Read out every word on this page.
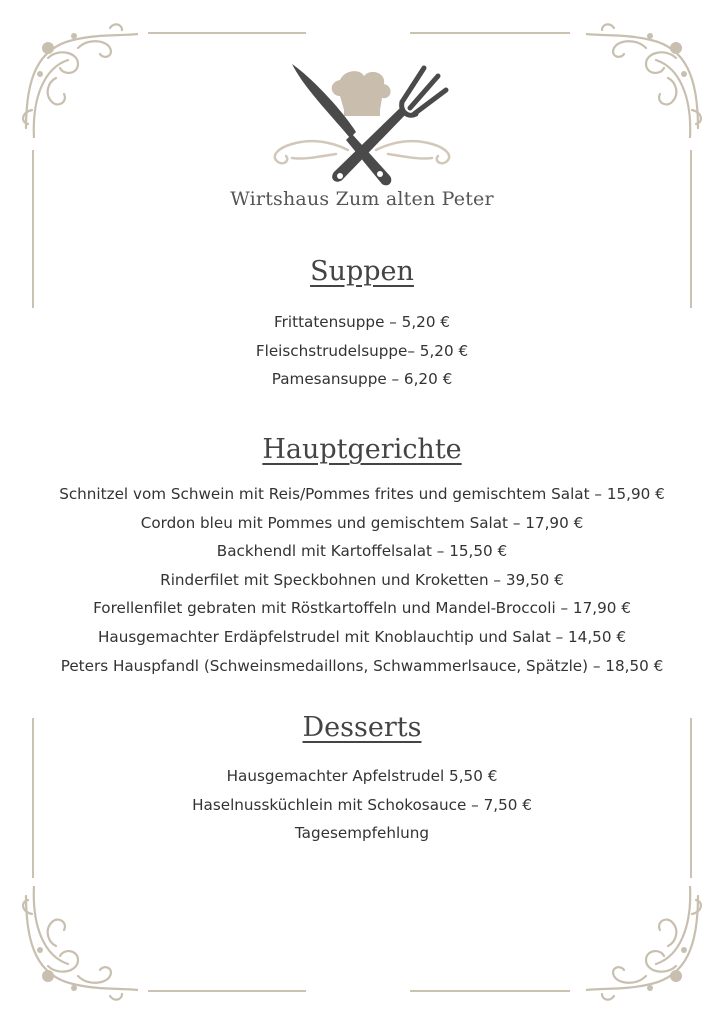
Wirtshaus Zum alten Peter
Suppen
Frittatensuppe – 5,20 €
Fleischstrudelsuppe– 5,20 €
Pamesansuppe – 6,20 €
Hauptgerichte
Schnitzel vom Schwein mit Reis/Pommes frites und gemischtem Salat – 15,90 €
Cordon bleu mit Pommes und gemischtem Salat – 17,90 €
Backhendl mit Kartoffelsalat – 15,50 €
Rinderfilet mit Speckbohnen und Kroketten – 39,50 €
Forellenfilet gebraten mit Röstkartoffeln und Mandel-Broccoli – 17,90 €
Hausgemachter Erdäpfelstrudel mit Knoblauchtip und Salat – 14,50 €
Peters Hauspfandl (Schweinsmedaillons, Schwammerlsauce, Spätzle) – 18,50 €
Desserts
Hausgemachter Apfelstrudel 5,50 €
Haselnussküchlein mit Schokosauce – 7,50 €
Tagesempfehlung
